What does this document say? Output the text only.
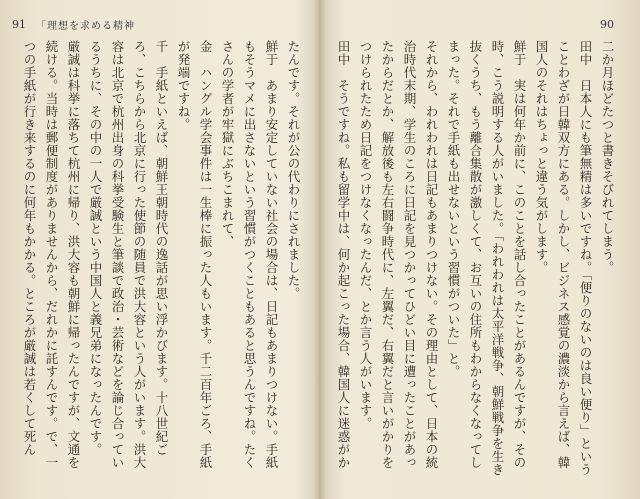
91 「理想を求める精神	90

二か月ほどたつと書きそびれてしまう。

田中　日本人にも筆無精は多いですね。「便りのないのは良い便り」ということわざが日韓双方にある。しかし、ビジネス感覚の濃淡から言えば、韓国人のそれはちょっと違う気がします。

鮮于　実は何年か前に、このことを話し合ったことがあるんですが、その時、こう説明する人がいました。「われわれは太平洋戦争、朝鮮戦争を生き抜くうち、もう離合集散が激しくて、お互いの住所もわからなくなってしまった。それで手紙も出せないという習慣がついた」と。

それから、われわれは日記もあまりつけない。その理由として、日本の統治時代末期、学生のころに日記を見つかってひどい目に遭ったことがあったからだとか、解放後も左右闘争時代に、左翼だ、右翼だと言いがかりをつけられたため日記をつけなくなったんだ、とか言う人がいます。

田中　そうですね。私も留学中は、何か起こった場合、韓国人に迷惑がか

たんです。それが公の代わりにされました。

鮮于　あまり安定していない社会の場合は、日記もあまりつけない。手紙もそうマメに出さないという習慣がつくこともあると思うんですね。たくさんの学者が牢獄にぶちこまれて、

金　ハングル学会事件は一生棒に振った人もいます。千二百年ごろ、手紙が発端ですね。

千　手紙といえば、朝鮮王朝時代の逸話が思い浮かびます。十八世紀ごろ、こちらから北京に行った使節の随員で洪大容という人がいます。洪大容は北京で杭州出身の科挙受験生と筆談で政治・芸術などを論じ合っているうちに、その中の一人で厳誠という中国人と義兄弟になったんです。

厳誠は科挙に落ちて杭州に帰り、洪大容も朝鮮に帰ったんですが、文通を続ける。当時は郵便制度がありませんから、だれかに託すんです。で、一つの手紙が行き来するのに何年もかかる。ところが厳誠は若くして死ん
